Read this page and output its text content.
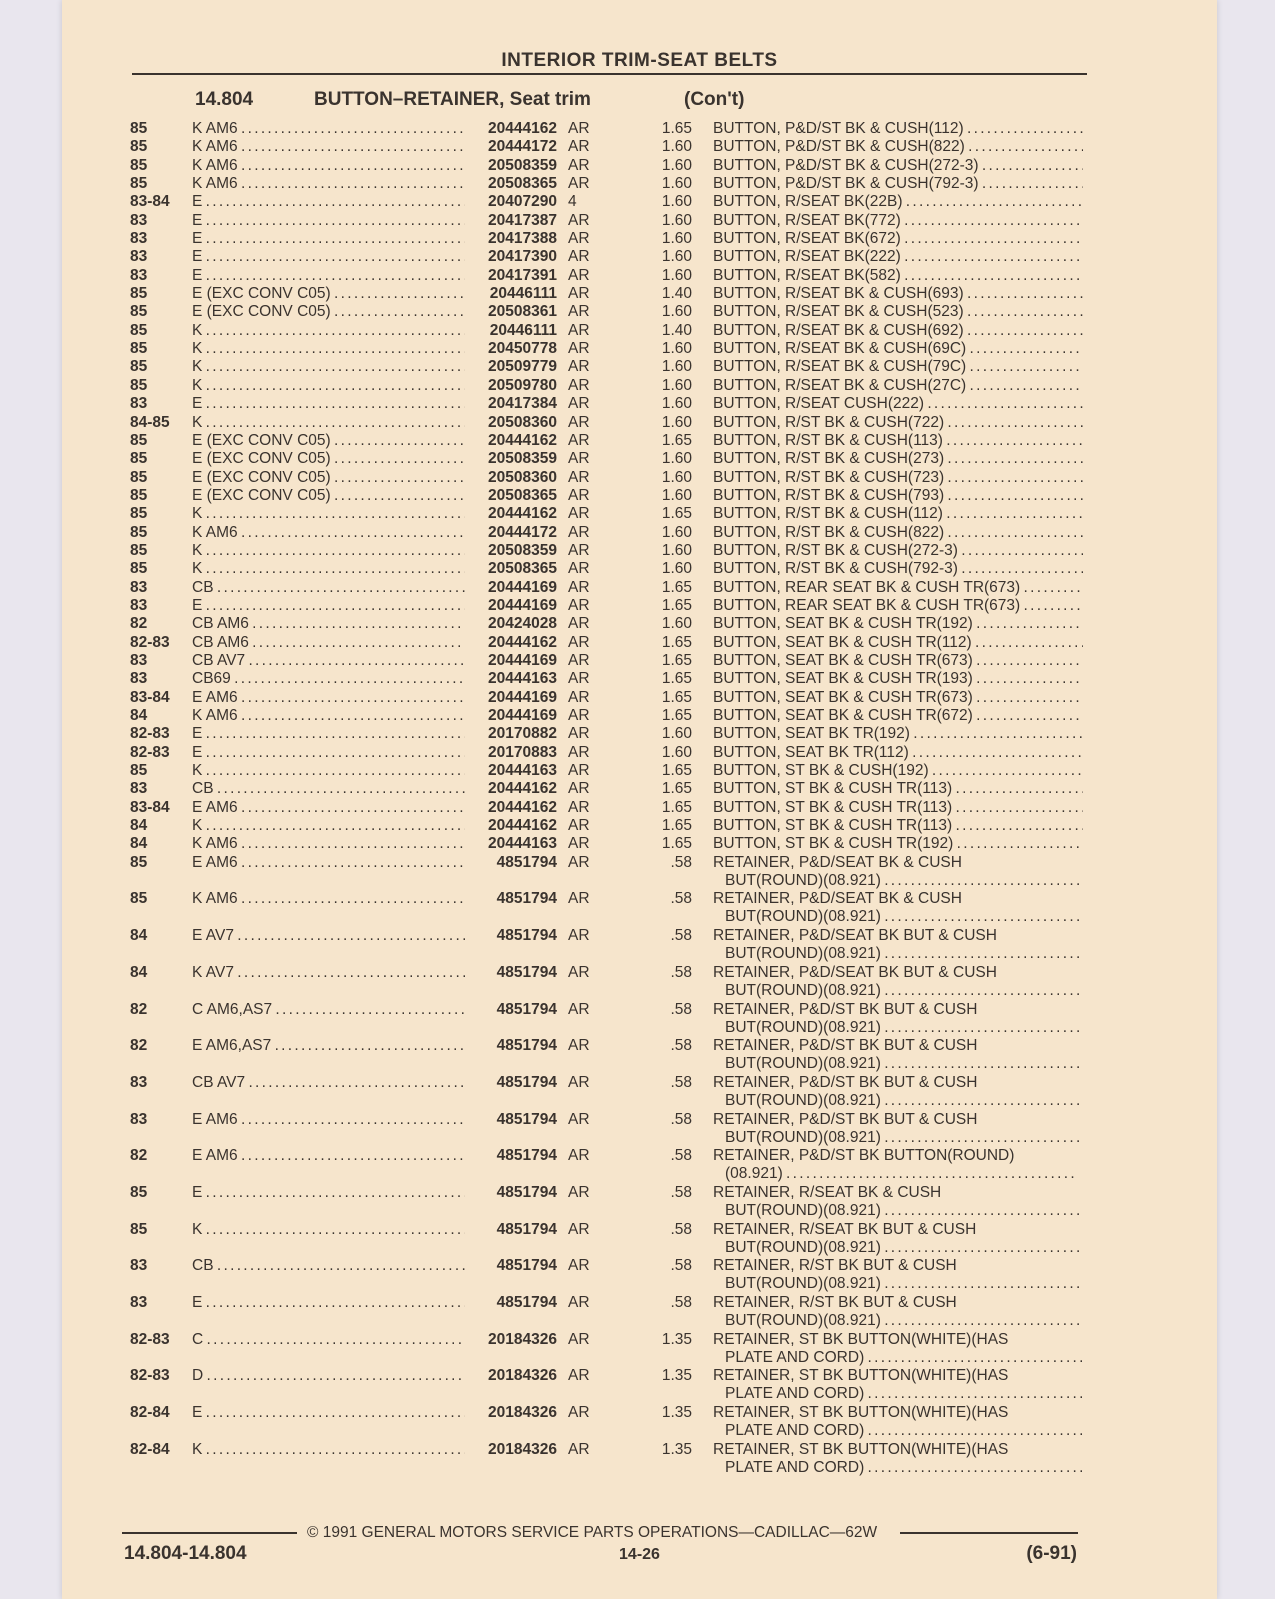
INTERIOR TRIM-SEAT BELTS
14.804	BUTTON–RETAINER, Seat trim	(Con't)
85	K AM6 . . .	20444162 AR	1.65 BUTTON, P&D/ST BK & CUSH(112) . . .
85	K AM6 . . .	20444172 AR	1.60 BUTTON, P&D/ST BK & CUSH(822) . . .
85	K AM6 . . .	20508359 AR	1.60 BUTTON, P&D/ST BK & CUSH(272-3) . . .
85	K AM6 . . .	20508365 AR	1.60 BUTTON, P&D/ST BK & CUSH(792-3) . . .
83-84	E . . .	20407290 4	1.60 BUTTON, R/SEAT BK(22B) . . .
83	E . . .	20417387 AR	1.60 BUTTON, R/SEAT BK(772) . . .
83	E . . .	20417388 AR	1.60 BUTTON, R/SEAT BK(672) . . .
83	E . . .	20417390 AR	1.60 BUTTON, R/SEAT BK(222) . . .
83	E . . .	20417391 AR	1.60 BUTTON, R/SEAT BK(582) . . .
85	E (EXC CONV C05) . . .	20446111 AR	1.40 BUTTON, R/SEAT BK & CUSH(693) . . .
85	E (EXC CONV C05) . . .	20508361 AR	1.60 BUTTON, R/SEAT BK & CUSH(523) . . .
85	K . . .	20446111 AR	1.40 BUTTON, R/SEAT BK & CUSH(692) . . .
85	K . . .	20450778 AR	1.60 BUTTON, R/SEAT BK & CUSH(69C) . . .
85	K . . .	20509779 AR	1.60 BUTTON, R/SEAT BK & CUSH(79C) . . .
85	K . . .	20509780 AR	1.60 BUTTON, R/SEAT BK & CUSH(27C) . . .
83	E . . .	20417384 AR	1.60 BUTTON, R/SEAT CUSH(222) . . .
84-85	K . . .	20508360 AR	1.60 BUTTON, R/ST BK & CUSH(722) . . .
85	E (EXC CONV C05) . . .	20444162 AR	1.65 BUTTON, R/ST BK & CUSH(113) . . .
85	E (EXC CONV C05) . . .	20508359 AR	1.60 BUTTON, R/ST BK & CUSH(273) . . .
85	E (EXC CONV C05) . . .	20508360 AR	1.60 BUTTON, R/ST BK & CUSH(723) . . .
85	E (EXC CONV C05) . . .	20508365 AR	1.60 BUTTON, R/ST BK & CUSH(793) . . .
85	K . . .	20444162 AR	1.65 BUTTON, R/ST BK & CUSH(112) . . .
85	K AM6 . . .	20444172 AR	1.60 BUTTON, R/ST BK & CUSH(822) . . .
85	K . . .	20508359 AR	1.60 BUTTON, R/ST BK & CUSH(272-3) . . .
85	K . . .	20508365 AR	1.60 BUTTON, R/ST BK & CUSH(792-3) . . .
83	CB . . .	20444169 AR	1.65 BUTTON, REAR SEAT BK & CUSH TR(673) . . .
83	E . . .	20444169 AR	1.65 BUTTON, REAR SEAT BK & CUSH TR(673) . . .
82	CB AM6 . . .	20424028 AR	1.60 BUTTON, SEAT BK & CUSH TR(192) . . .
82-83	CB AM6 . . .	20444162 AR	1.65 BUTTON, SEAT BK & CUSH TR(112) . . .
83	CB AV7 . . .	20444169 AR	1.65 BUTTON, SEAT BK & CUSH TR(673) . . .
83	CB69 . . .	20444163 AR	1.65 BUTTON, SEAT BK & CUSH TR(193) . . .
83-84	E AM6 . . .	20444169 AR	1.65 BUTTON, SEAT BK & CUSH TR(673) . . .
84	K AM6 . . .	20444169 AR	1.65 BUTTON, SEAT BK & CUSH TR(672) . . .
82-83	E . . .	20170882 AR	1.60 BUTTON, SEAT BK TR(192) . . .
82-83	E . . .	20170883 AR	1.60 BUTTON, SEAT BK TR(112) . . .
85	K . . .	20444163 AR	1.65 BUTTON, ST BK & CUSH(192) . . .
83	CB . . .	20444162 AR	1.65 BUTTON, ST BK & CUSH TR(113) . . .
83-84	E AM6 . . .	20444162 AR	1.65 BUTTON, ST BK & CUSH TR(113) . . .
84	K . . .	20444162 AR	1.65 BUTTON, ST BK & CUSH TR(113) . . .
84	K AM6 . . .	20444163 AR	1.65 BUTTON, ST BK & CUSH TR(192) . . .
85	E AM6 . . .	4851794 AR	.58 RETAINER, P&D/SEAT BK & CUSH
BUT(ROUND)(08.921) . . .
85	K AM6 . . .	4851794 AR	.58 RETAINER, P&D/SEAT BK & CUSH
BUT(ROUND)(08.921) . . .
84	E AV7 . . .	4851794 AR	.58 RETAINER, P&D/SEAT BK BUT & CUSH
BUT(ROUND)(08.921) . . .
84	K AV7 . . .	4851794 AR	.58 RETAINER, P&D/SEAT BK BUT & CUSH
BUT(ROUND)(08.921) . . .
82	C AM6,AS7 . . .	4851794 AR	.58 RETAINER, P&D/ST BK BUT & CUSH
BUT(ROUND)(08.921) . . .
82	E AM6,AS7 . . .	4851794 AR	.58 RETAINER, P&D/ST BK BUT & CUSH
BUT(ROUND)(08.921) . . .
83	CB AV7 . . .	4851794 AR	.58 RETAINER, P&D/ST BK BUT & CUSH
BUT(ROUND)(08.921) . . .
83	E AM6 . . .	4851794 AR	.58 RETAINER, P&D/ST BK BUT & CUSH
BUT(ROUND)(08.921) . . .
82	E AM6 . . .	4851794 AR	.58 RETAINER, P&D/ST BK BUTTON(ROUND)
(08.921) . . .
85	E . . .	4851794 AR	.58 RETAINER, R/SEAT BK & CUSH
BUT(ROUND)(08.921) . . .
85	K . . .	4851794 AR	.58 RETAINER, R/SEAT BK BUT & CUSH
BUT(ROUND)(08.921) . . .
83	CB . . .	4851794 AR	.58 RETAINER, R/ST BK BUT & CUSH
BUT(ROUND)(08.921) . . .
83	E . . .	4851794 AR	.58 RETAINER, R/ST BK BUT & CUSH
BUT(ROUND)(08.921) . . .
82-83	C . . .	20184326 AR	1.35 RETAINER, ST BK BUTTON(WHITE)(HAS
PLATE AND CORD) . . .
82-83	D . . .	20184326 AR	1.35 RETAINER, ST BK BUTTON(WHITE)(HAS
PLATE AND CORD) . . .
82-84	E . . .	20184326 AR	1.35 RETAINER, ST BK BUTTON(WHITE)(HAS
PLATE AND CORD) . . .
82-84	K . . .	20184326 AR	1.35 RETAINER, ST BK BUTTON(WHITE)(HAS
PLATE AND CORD) . . .
© 1991 GENERAL MOTORS SERVICE PARTS OPERATIONS—CADILLAC—62W
14.804-14.804	14-26	(6-91)
